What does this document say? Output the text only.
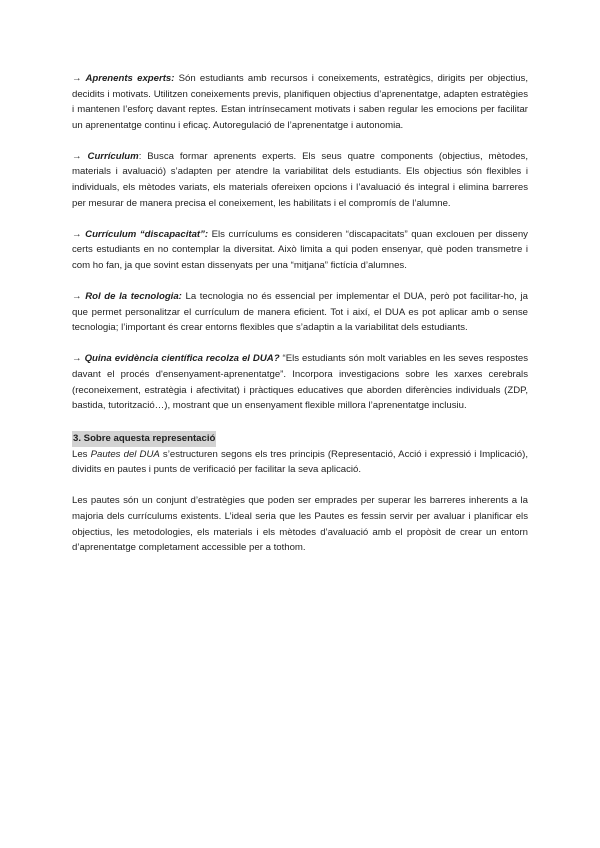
→ Aprenents experts: Són estudiants amb recursos i coneixements, estratègics, dirigits per objectius, decidits i motivats. Utilitzen coneixements previs, planifiquen objectius d’aprenentatge, adapten estratègies i mantenen l’esforç davant reptes. Estan intrínsecament motivats i saben regular les emocions per facilitar un aprenentatge continu i eficaç. Autoregulació de l’aprenentatge i autonomia.

→ Currículum: Busca formar aprenents experts. Els seus quatre components (objectius, mètodes, materials i avaluació) s’adapten per atendre la variabilitat dels estudiants. Els objectius són flexibles i individuals, els mètodes variats, els materials ofereixen opcions i l’avaluació és integral i elimina barreres per mesurar de manera precisa el coneixement, les habilitats i el compromís de l’alumne.

→ Currículum “discapacitat”: Els currículums es consideren “discapacitats” quan exclouen per disseny certs estudiants en no contemplar la diversitat. Això limita a qui poden ensenyar, què poden transmetre i com ho fan, ja que sovint estan dissenyats per una “mitjana” fictícia d’alumnes.

→ Rol de la tecnologia: La tecnologia no és essencial per implementar el DUA, però pot facilitar-ho, ja que permet personalitzar el currículum de manera eficient. Tot i així, el DUA es pot aplicar amb o sense tecnologia; l’important és crear entorns flexibles que s’adaptin a la variabilitat dels estudiants.

→ Quina evidència científica recolza el DUA? “Els estudiants són molt variables en les seves respostes davant el procés d'ensenyament-aprenentatge”. Incorpora investigacions sobre les xarxes cerebrals (reconeixement, estratègia i afectivitat) i pràctiques educatives que aborden diferències individuals (ZDP, bastida, tutorització…), mostrant que un ensenyament flexible millora l’aprenentatge inclusiu.

3. Sobre aquesta representació

Les Pautes del DUA s’estructuren segons els tres principis (Representació, Acció i expressió i Implicació), dividits en pautes i punts de verificació per facilitar la seva aplicació.

Les pautes són un conjunt d’estratègies que poden ser emprades per superar les barreres inherents a la majoria dels currículums existents. L’ideal seria que les Pautes es fessin servir per avaluar i planificar els objectius, les metodologies, els materials i els mètodes d’avaluació amb el propòsit de crear un entorn d’aprenentatge completament accessible per a tothom.
